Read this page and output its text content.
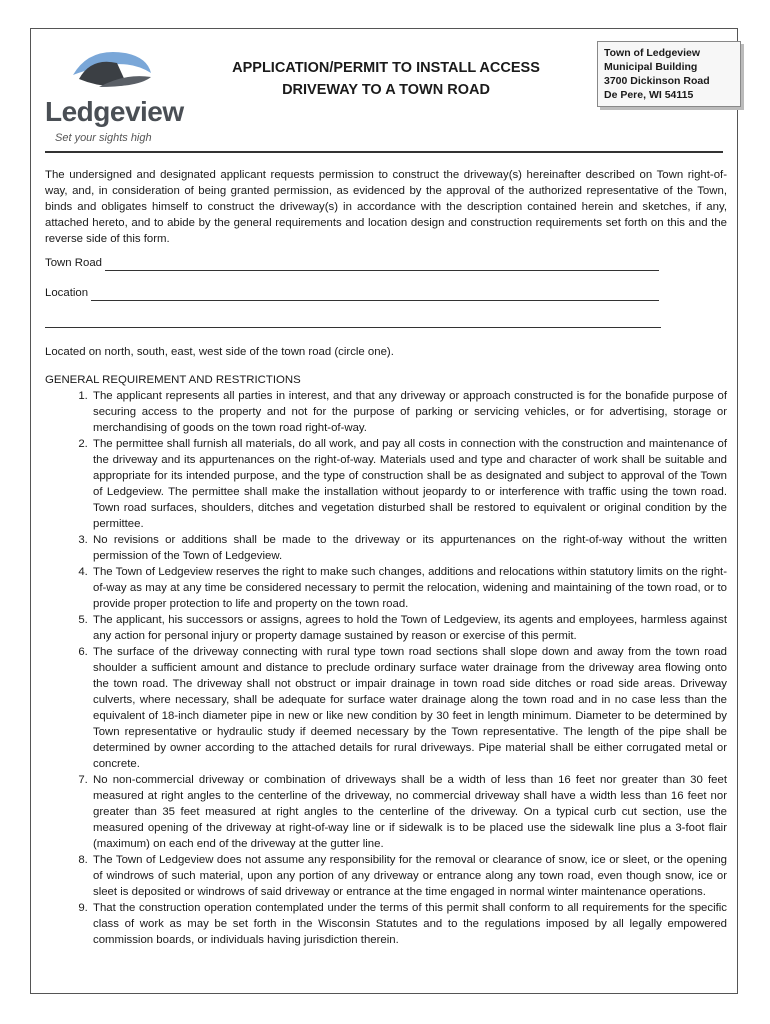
Ledgeview
Set your sights high
APPLICATION/PERMIT TO INSTALL ACCESS
DRIVEWAY TO A TOWN ROAD
Town of Ledgeview
Municipal Building
3700 Dickinson Road
De Pere, WI 54115

The undersigned and designated applicant requests permission to construct the driveway(s) hereinafter described on Town right-of-way, and, in consideration of being granted permission, as evidenced by the approval of the authorized representative of the Town, binds and obligates himself to construct the driveway(s) in accordance with the description contained herein and sketches, if any, attached hereto, and to abide by the general requirements and location design and construction requirements set forth on this and the reverse side of this form.

Town Road
Location

Located on north, south, east, west side of the town road (circle one).

GENERAL REQUIREMENT AND RESTRICTIONS

1. The applicant represents all parties in interest, and that any driveway or approach constructed is for the bonafide purpose of securing access to the property and not for the purpose of parking or servicing vehicles, or for advertising, storage or merchandising of goods on the town road right-of-way.
2. The permittee shall furnish all materials, do all work, and pay all costs in connection with the construction and maintenance of the driveway and its appurtenances on the right-of-way. Materials used and type and character of work shall be suitable and appropriate for its intended purpose, and the type of construction shall be as designated and subject to approval of the Town of Ledgeview. The permittee shall make the installation without jeopardy to or interference with traffic using the town road. Town road surfaces, shoulders, ditches and vegetation disturbed shall be restored to equivalent or original condition by the permittee.
3. No revisions or additions shall be made to the driveway or its appurtenances on the right-of-way without the written permission of the Town of Ledgeview.
4. The Town of Ledgeview reserves the right to make such changes, additions and relocations within statutory limits on the right-of-way as may at any time be considered necessary to permit the relocation, widening and maintaining of the town road, or to provide proper protection to life and property on the town road.
5. The applicant, his successors or assigns, agrees to hold the Town of Ledgeview, its agents and employees, harmless against any action for personal injury or property damage sustained by reason or exercise of this permit.
6. The surface of the driveway connecting with rural type town road sections shall slope down and away from the town road shoulder a sufficient amount and distance to preclude ordinary surface water drainage from the driveway area flowing onto the town road. The driveway shall not obstruct or impair drainage in town road side ditches or road side areas. Driveway culverts, where necessary, shall be adequate for surface water drainage along the town road and in no case less than the equivalent of 18-inch diameter pipe in new or like new condition by 30 feet in length minimum. Diameter to be determined by Town representative or hydraulic study if deemed necessary by the Town representative. The length of the pipe shall be determined by owner according to the attached details for rural driveways. Pipe material shall be either corrugated metal or concrete.
7. No non-commercial driveway or combination of driveways shall be a width of less than 16 feet nor greater than 30 feet measured at right angles to the centerline of the driveway, no commercial driveway shall have a width less than 16 feet nor greater than 35 feet measured at right angles to the centerline of the driveway. On a typical curb cut section, use the measured opening of the driveway at right-of-way line or if sidewalk is to be placed use the sidewalk line plus a 3-foot flair (maximum) on each end of the driveway at the gutter line.
8. The Town of Ledgeview does not assume any responsibility for the removal or clearance of snow, ice or sleet, or the opening of windrows of such material, upon any portion of any driveway or entrance along any town road, even though snow, ice or sleet is deposited or windrows of said driveway or entrance at the time engaged in normal winter maintenance operations.
9. That the construction operation contemplated under the terms of this permit shall conform to all requirements for the specific class of work as may be set forth in the Wisconsin Statutes and to the regulations imposed by all legally empowered commission boards, or individuals having jurisdiction therein.
